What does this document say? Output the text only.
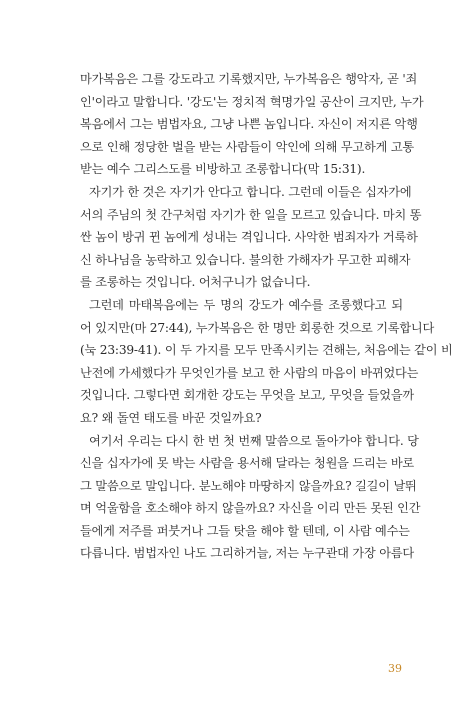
마가복음은 그를 강도라고 기록했지만, 누가복음은 행악자, 곧 '죄
인'이라고 말합니다. '강도'는 정치적 혁명가일 공산이 크지만, 누가
복음에서 그는 범법자요, 그냥 나쁜 놈입니다. 자신이 저지른 악행
으로 인해 정당한 벌을 받는 사람들이 악인에 의해 무고하게 고통
받는 예수 그리스도를 비방하고 조롱합니다(막 15:31).
자기가 한 것은 자기가 안다고 합니다. 그런데 이들은 십자가에
서의 주님의 첫 간구처럼 자기가 한 일을 모르고 있습니다. 마치 똥
싼 놈이 방귀 뀐 놈에게 성내는 격입니다. 사악한 범죄자가 거룩하
신 하나님을 농락하고 있습니다. 불의한 가해자가 무고한 피해자
를 조롱하는 것입니다. 어처구니가 없습니다.
그런데 마태복음에는 두 명의 강도가 예수를 조롱했다고 되
어 있지만(마 27:44), 누가복음은 한 명만 회롱한 것으로 기록합니다
(눅 23:39-41). 이 두 가지를 모두 만족시키는 견해는, 처음에는 같이 비
난전에 가세했다가 무엇인가를 보고 한 사람의 마음이 바뀌었다는
것입니다. 그렇다면 회개한 강도는 무엇을 보고, 무엇을 들었을까
요? 왜 돌연 태도를 바꾼 것일까요?
여기서 우리는 다시 한 번 첫 번째 말씀으로 돌아가야 합니다. 당
신을 십자가에 못 박는 사람을 용서해 달라는 청원을 드리는 바로
그 말씀으로 말입니다. 분노해야 마땅하지 않을까요? 길길이 날뛰
며 억울함을 호소해야 하지 않을까요? 자신을 이리 만든 못된 인간
들에게 저주를 퍼붓거나 그들 탓을 해야 할 텐데, 이 사람 예수는
다릅니다. 범법자인 나도 그리하거늘, 저는 누구관대 가장 아름다
39
